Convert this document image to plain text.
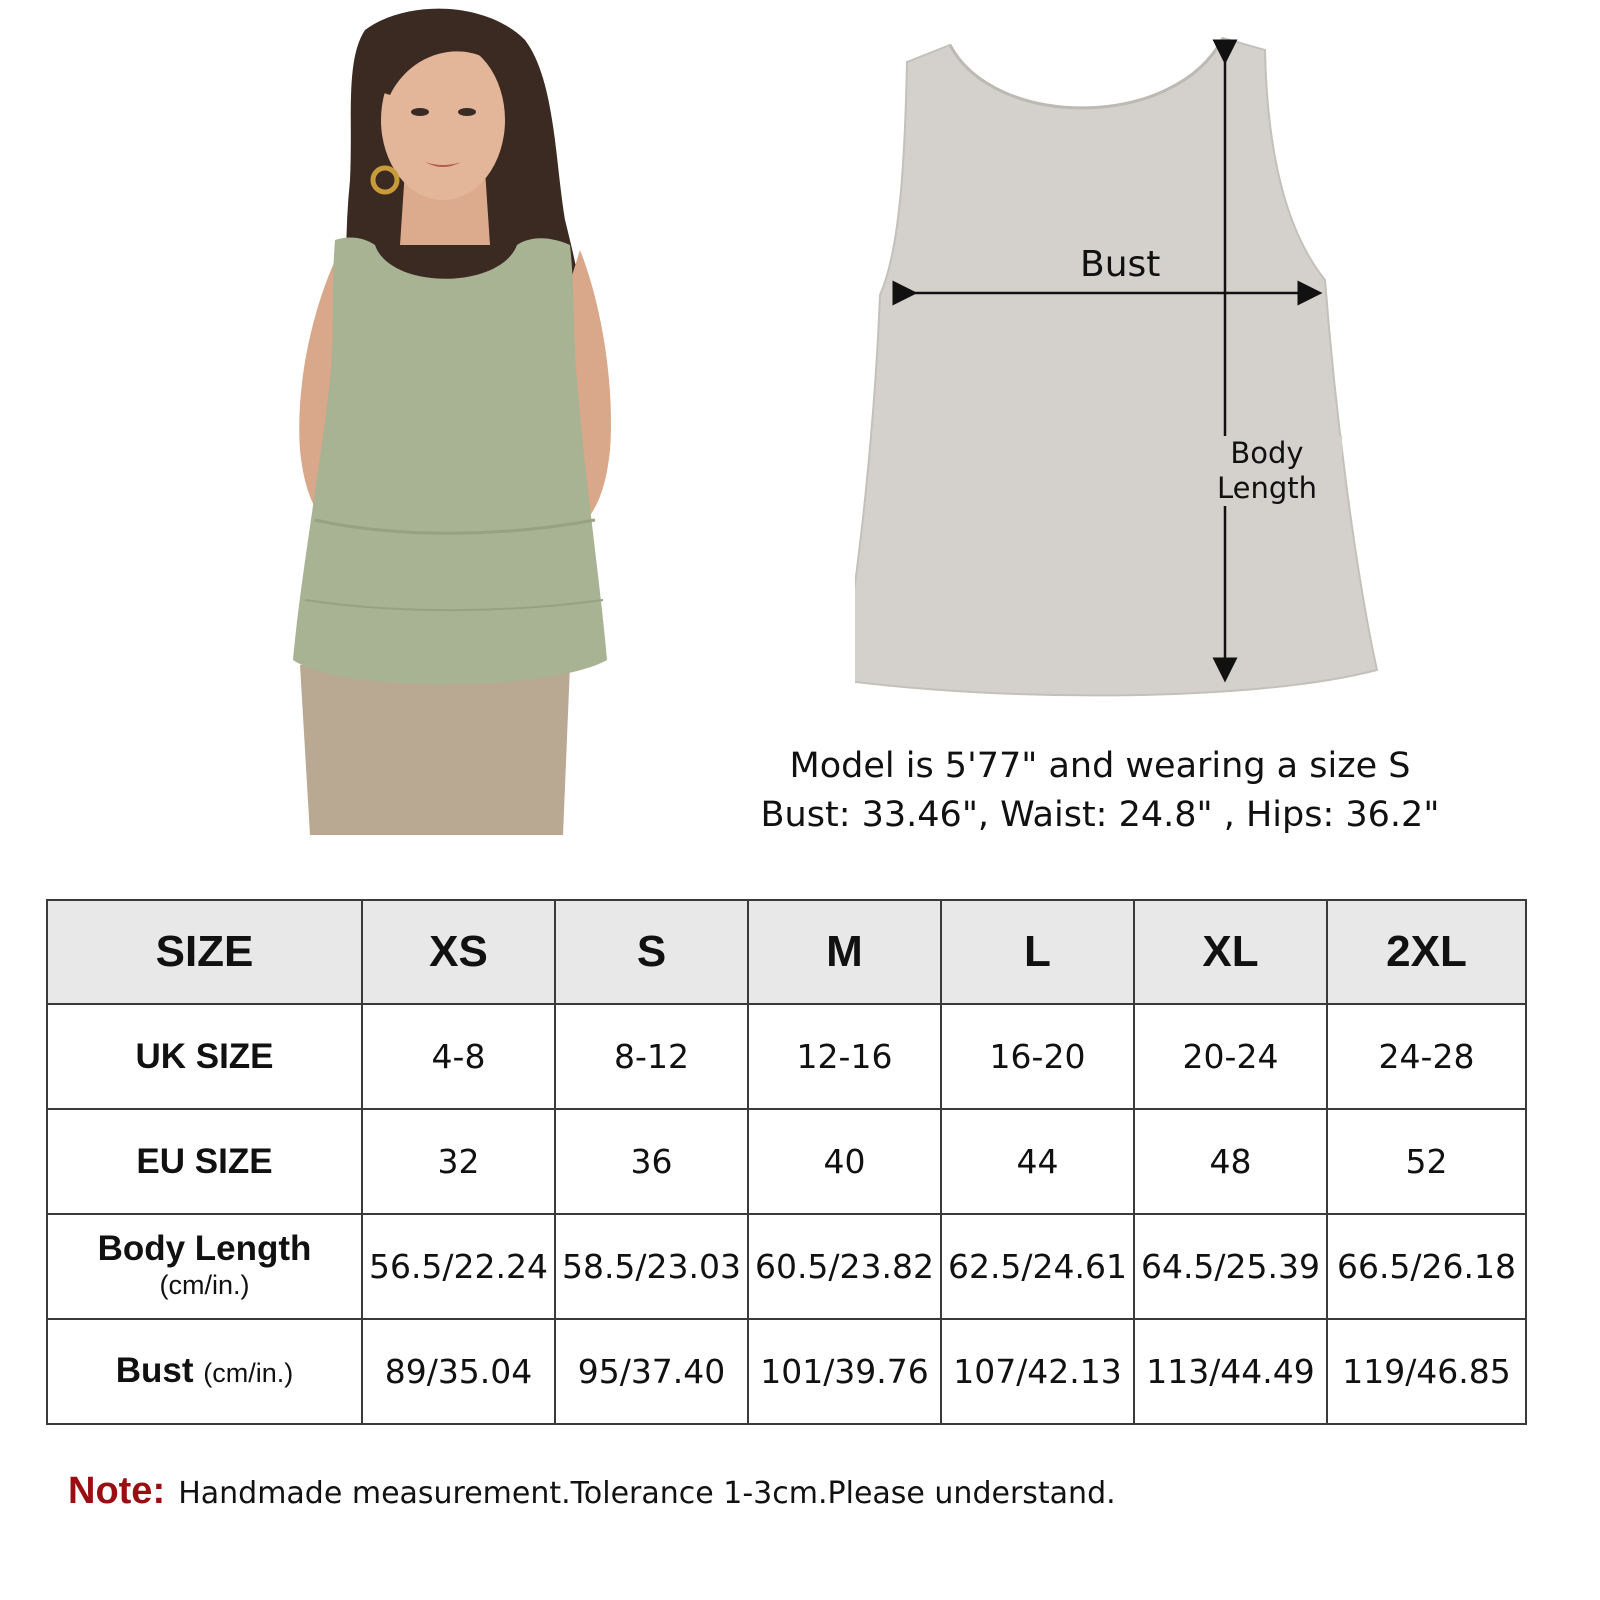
Bust
Body
Length
Model is 5'77" and wearing a size S
Bust: 33.46", Waist: 24.8" , Hips: 36.2"
SIZE	XS	S	M	L	XL	2XL
UK SIZE	4-8	8-12	12-16	16-20	20-24	24-28
EU SIZE	32	36	40	44	48	52
Body Length
(cm/in.)	56.5/22.24	58.5/23.03	60.5/23.82	62.5/24.61	64.5/25.39	66.5/26.18
Bust (cm/in.)	89/35.04	95/37.40	101/39.76	107/42.13	113/44.49	119/46.85
Note: Handmade measurement.Tolerance 1-3cm.Please understand.
